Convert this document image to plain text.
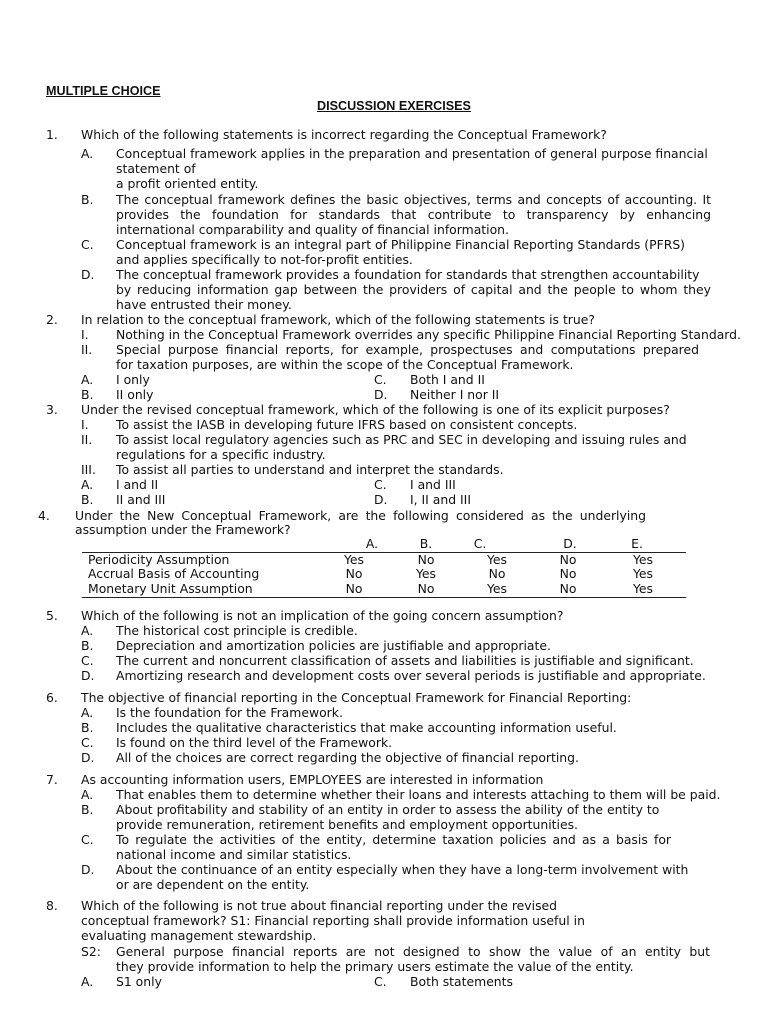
MULTIPLE CHOICE
DISCUSSION EXERCISES
1. Which of the following statements is incorrect regarding the Conceptual Framework?
A. Conceptual framework applies in the preparation and presentation of general purpose financial
statement of
a profit oriented entity.
B. The conceptual framework defines the basic objectives, terms and concepts of accounting. It
provides the foundation for standards that contribute to transparency by enhancing
international comparability and quality of financial information.
C. Conceptual framework is an integral part of Philippine Financial Reporting Standards (PFRS)
and applies specifically to not-for-profit entities.
D. The conceptual framework provides a foundation for standards that strengthen accountability
by reducing information gap between the providers of capital and the people to whom they
have entrusted their money.
2. In relation to the conceptual framework, which of the following statements is true?
I. Nothing in the Conceptual Framework overrides any specific Philippine Financial Reporting Standard.
II. Special purpose financial reports, for example, prospectuses and computations prepared
for taxation purposes, are within the scope of the Conceptual Framework.
A. I only	C. Both I and II
B. II only	D. Neither I nor II
3. Under the revised conceptual framework, which of the following is one of its explicit purposes?
I. To assist the IASB in developing future IFRS based on consistent concepts.
II. To assist local regulatory agencies such as PRC and SEC in developing and issuing rules and
regulations for a specific industry.
III. To assist all parties to understand and interpret the standards.
A. I and II	C. I and III
B. II and III	D. I, II and III
4. Under the New Conceptual Framework, are the following considered as the underlying
assumption under the Framework?
	A.	B.	C.	D.	E.
Periodicity Assumption	Yes	No	Yes	No	Yes
Accrual Basis of Accounting	No	Yes	No	No	Yes
Monetary Unit Assumption	No	No	Yes	No	Yes
5. Which of the following is not an implication of the going concern assumption?
A. The historical cost principle is credible.
B. Depreciation and amortization policies are justifiable and appropriate.
C. The current and noncurrent classification of assets and liabilities is justifiable and significant.
D. Amortizing research and development costs over several periods is justifiable and appropriate.
6. The objective of financial reporting in the Conceptual Framework for Financial Reporting:
A. Is the foundation for the Framework.
B. Includes the qualitative characteristics that make accounting information useful.
C. Is found on the third level of the Framework.
D. All of the choices are correct regarding the objective of financial reporting.
7. As accounting information users, EMPLOYEES are interested in information
A. That enables them to determine whether their loans and interests attaching to them will be paid.
B. About profitability and stability of an entity in order to assess the ability of the entity to
provide remuneration, retirement benefits and employment opportunities.
C. To regulate the activities of the entity, determine taxation policies and as a basis for
national income and similar statistics.
D. About the continuance of an entity especially when they have a long-term involvement with
or are dependent on the entity.
8. Which of the following is not true about financial reporting under the revised
conceptual framework? S1: Financial reporting shall provide information useful in
evaluating management stewardship.
S2: General purpose financial reports are not designed to show the value of an entity but
they provide information to help the primary users estimate the value of the entity.
A. S1 only	C. Both statements
